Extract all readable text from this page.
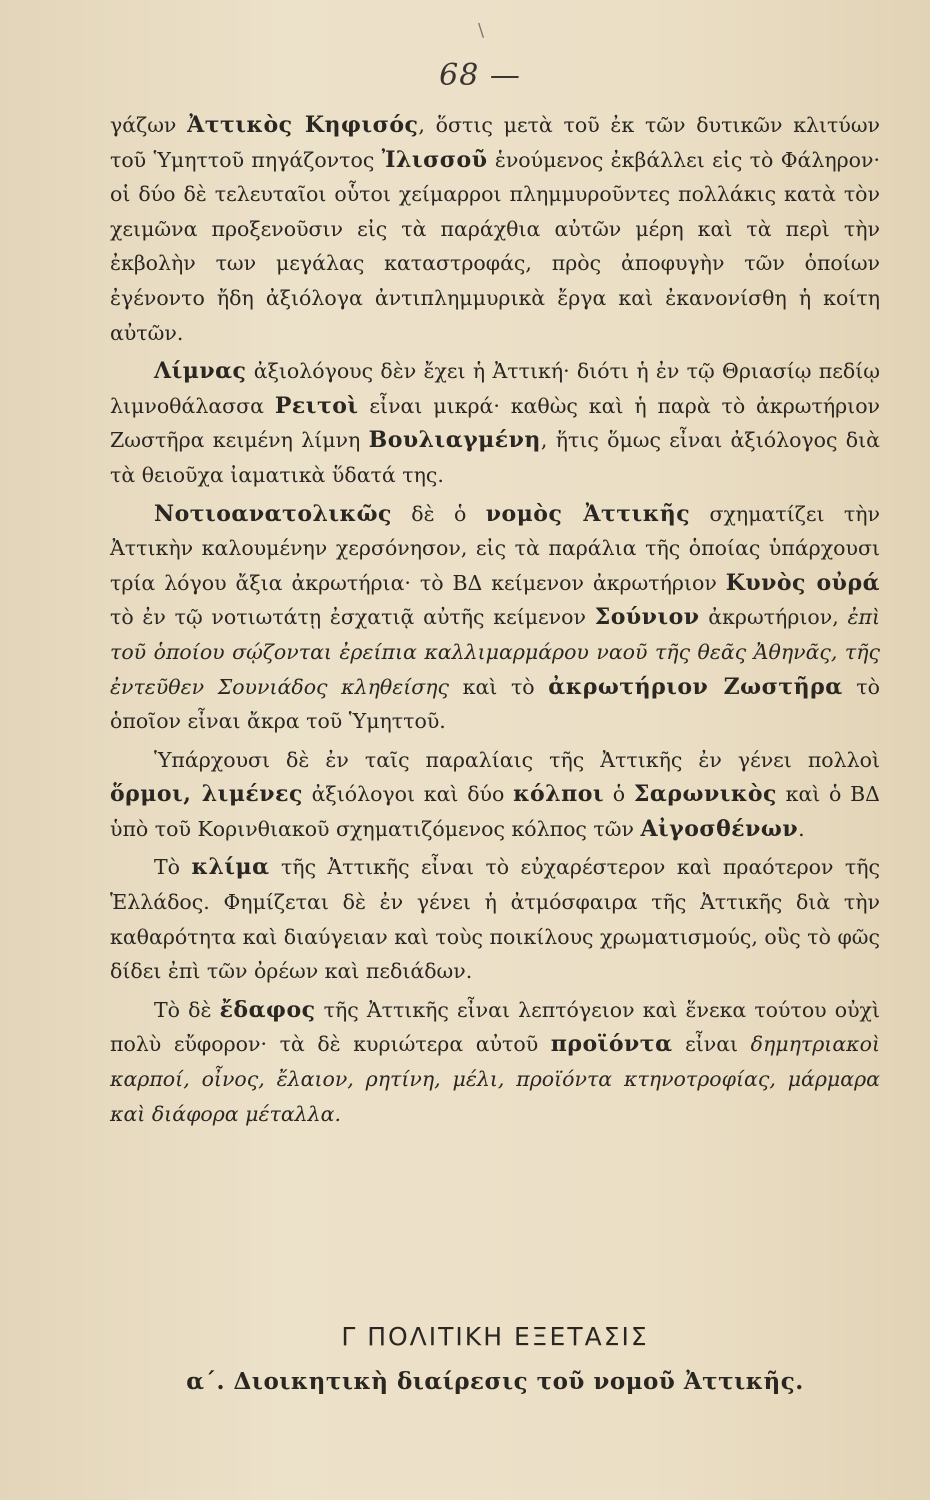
\
68 —

γάζων Ἀττικὸς Κηφισός, ὅστις μετὰ τοῦ ἐκ τῶν δυτικῶν κλιτύων τοῦ Ὑμηττοῦ πηγάζοντος Ἰλισσοῦ ἑνούμενος ἐκβάλλει εἰς τὸ Φάληρον· οἱ δύο δὲ τελευταῖοι οὗτοι χείμαρροι πλημμυροῦντες πολλάκις κατὰ τὸν χειμῶνα προξενοῦσιν εἰς τὰ παράχθια αὐτῶν μέρη καὶ τὰ περὶ τὴν ἐκβολὴν των μεγάλας καταστροφάς, πρὸς ἀποφυγὴν τῶν ὁποίων ἐγένοντο ἤδη ἀξιόλογα ἀντιπλημμυρικὰ ἔργα καὶ ἐκανονίσθη ἡ κοίτη αὐτῶν.

Λίμνας ἀξιολόγους δὲν ἔχει ἡ Ἀττική· διότι ἡ ἐν τῷ Θριασίῳ πεδίῳ λιμνοθάλασσα Ρειτοὶ εἶναι μικρά· καθὼς καὶ ἡ παρὰ τὸ ἀκρωτήριον Ζωστῆρα κειμένη λίμνη Βουλιαγμένη, ἥτις ὅμως εἶναι ἀξιόλογος διὰ τὰ θειοῦχα ἰαματικὰ ὕδατά της.

Νοτιοανατολικῶς δὲ ὁ νομὸς Ἀττικῆς σχηματίζει τὴν Ἀττικὴν καλουμένην χερσόνησον, εἰς τὰ παράλια τῆς ὁποίας ὑπάρχουσι τρία λόγου ἄξια ἀκρωτήρια· τὸ ΒΔ κείμενον ἀκρωτήριον Κυνὸς οὐρά τὸ ἐν τῷ νοτιωτάτῃ ἐσχατιᾷ αὐτῆς κείμενον Σούνιον ἀκρωτήριον, ἐπὶ τοῦ ὁποίου σῴζονται ἐρείπια καλλιμαρμάρου ναοῦ τῆς θεᾶς Ἀθηνᾶς, τῆς ἐντεῦθεν Σουνιάδος κληθείσης καὶ τὸ ἀκρωτήριον Ζωστῆρα τὸ ὁποῖον εἶναι ἄκρα τοῦ Ὑμηττοῦ.

Ὑπάρχουσι δὲ ἐν ταῖς παραλίαις τῆς Ἀττικῆς ἐν γένει πολλοὶ ὅρμοι, λιμένες ἀξιόλογοι καὶ δύο κόλποι ὁ Σαρωνικὸς καὶ ὁ ΒΔ ὑπὸ τοῦ Κορινθιακοῦ σχηματιζόμενος κόλπος τῶν Αἰγοσθένων.

Τὸ κλίμα τῆς Ἀττικῆς εἶναι τὸ εὐχαρέστερον καὶ πραότερον τῆς Ἑλλάδος. Φημίζεται δὲ ἐν γένει ἡ ἀτμόσφαιρα τῆς Ἀττικῆς διὰ τὴν καθαρότητα καὶ διαύγειαν καὶ τοὺς ποικίλους χρωματισμούς, οὓς τὸ φῶς δίδει ἐπὶ τῶν ὀρέων καὶ πεδιάδων.

Τὸ δὲ ἔδαφος τῆς Ἀττικῆς εἶναι λεπτόγειον καὶ ἕνεκα τούτου οὐχὶ πολὺ εὔφορον· τὰ δὲ κυριώτερα αὐτοῦ προϊόντα εἶναι δημητριακοὶ καρποί, οἶνος, ἔλαιον, ρητίνη, μέλι, προϊόντα κτηνοτροφίας, μάρμαρα καὶ διάφορα μέταλλα.

Γ ΠΟΛΙΤΙΚΗ ΕΞΕΤΑΣΙΣ
α΄. Διοικητικὴ διαίρεσις τοῦ νομοῦ Ἀττικῆς.
